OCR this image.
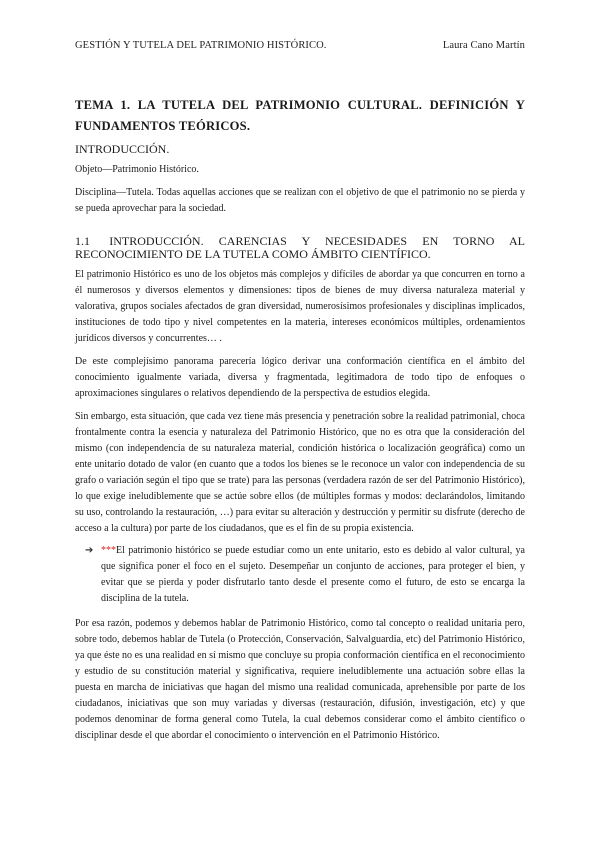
GESTIÓN Y TUTELA DEL PATRIMONIO HISTÓRICO.	Laura Cano Martín
TEMA 1. LA TUTELA DEL PATRIMONIO CULTURAL. DEFINICIÓN Y FUNDAMENTOS TEÓRICOS.
INTRODUCCIÓN.

Objeto—Patrimonio Histórico.

Disciplina—Tutela. Todas aquellas acciones que se realizan con el objetivo de que el patrimonio no se pierda y se pueda aprovechar para la sociedad.

1.1 INTRODUCCIÓN. CARENCIAS Y NECESIDADES EN TORNO AL RECONOCIMIENTO DE LA TUTELA COMO ÁMBITO CIENTÍFICO.

El patrimonio Histórico es uno de los objetos más complejos y difíciles de abordar ya que concurren en torno a él numerosos y diversos elementos y dimensiones: tipos de bienes de muy diversa naturaleza material y valorativa, grupos sociales afectados de gran diversidad, numerosísimos profesionales y disciplinas implicados, instituciones de todo tipo y nivel competentes en la materia, intereses económicos múltiples, ordenamientos jurídicos diversos y concurrentes… .

De este complejísimo panorama parecería lógico derivar una conformación científica en el ámbito del conocimiento igualmente variada, diversa y fragmentada, legitimadora de todo tipo de enfoques o aproximaciones singulares o relativos dependiendo de la perspectiva de estudios elegida.

Sin embargo, esta situación, que cada vez tiene más presencia y penetración sobre la realidad patrimonial, choca frontalmente contra la esencia y naturaleza del Patrimonio Histórico, que no es otra que la consideración del mismo (con independencia de su naturaleza material, condición histórica o localización geográfica) como un ente unitario dotado de valor (en cuanto que a todos los bienes se le reconoce un valor con independencia de su grafo o variación según el tipo que se trate) para las personas (verdadera razón de ser del Patrimonio Histórico), lo que exige ineludiblemente que se actúe sobre ellos (de múltiples formas y modos: declarándolos, limitando su uso, controlando la restauración, …) para evitar su alteración y destrucción y permitir su disfrute (derecho de acceso a la cultura) por parte de los ciudadanos, que es el fin de su propia existencia.

➔ ***El patrimonio histórico se puede estudiar como un ente unitario, esto es debido al valor cultural, ya que significa poner el foco en el sujeto. Desempeñar un conjunto de acciones, para proteger el bien, y evitar que se pierda y poder disfrutarlo tanto desde el presente como el futuro, de esto se encarga la disciplina de la tutela.

Por esa razón, podemos y debemos hablar de Patrimonio Histórico, como tal concepto o realidad unitaria pero, sobre todo, debemos hablar de Tutela (o Protección, Conservación, Salvalguardia, etc) del Patrimonio Histórico, ya que éste no es una realidad en sí mismo que concluye su propia conformación científica en el reconocimiento y estudio de su constitución material y significativa, requiere ineludiblemente una actuación sobre ellas la puesta en marcha de iniciativas que hagan del mismo una realidad comunicada, aprehensible por parte de los ciudadanos, iniciativas que son muy variadas y diversas (restauración, difusión, investigación, etc) y que podemos denominar de forma general como Tutela, la cual debemos considerar como el ámbito científico o disciplinar desde el que abordar el conocimiento o intervención en el Patrimonio Histórico.
